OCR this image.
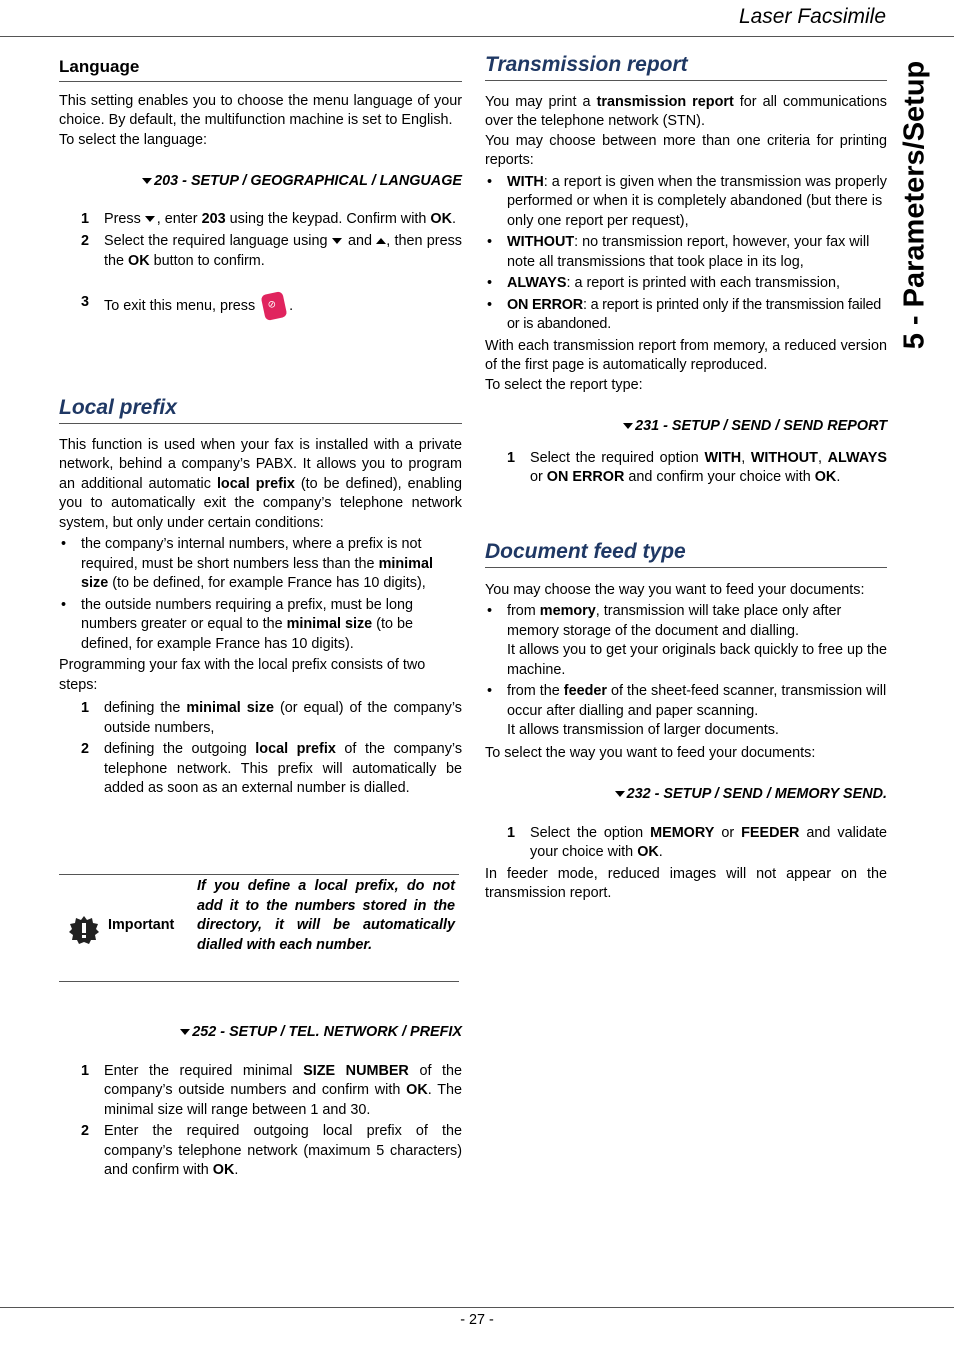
Laser Facsimile
5 - Parameters/Setup
Language

This setting enables you to choose the menu language of your choice. By default, the multifunction machine is set to English.

To select the language:

203 - SETUP / GEOGRAPHICAL / LANGUAGE

1 Press , enter 203 using the keypad. Confirm with OK.
2 Select the required language using and , then press the OK button to confirm.
3 To exit this menu, press ⊘ .
Local prefix

This function is used when your fax is installed with a private network, behind a company’s PABX. It allows you to program an additional automatic local prefix (to be defined), enabling you to automatically exit the company’s telephone network system, but only under certain conditions:

• the company’s internal numbers, where a prefix is not required, must be short numbers less than the minimal size (to be defined, for example France has 10 digits),
• the outside numbers requiring a prefix, must be long numbers greater or equal to the minimal size (to be defined, for example France has 10 digits).

Programming your fax with the local prefix consists of two steps:

1 defining the minimal size (or equal) of the company’s outside numbers,
2 defining the outgoing local prefix of the company’s telephone network. This prefix will automatically be added as soon as an external number is dialled.
Important
If you define a local prefix, do not add it to the numbers stored in the directory, it will be automatically dialled with each number.

252 - SETUP / TEL. NETWORK / PREFIX

1 Enter the required minimal SIZE NUMBER of the company’s outside numbers and confirm with OK. The minimal size will range between 1 and 30.
2 Enter the required outgoing local prefix of the company’s telephone network (maximum 5 characters) and confirm with OK.
Transmission report

You may print a transmission report for all communications over the telephone network (STN).

You may choose between more than one criteria for printing reports:

• WITH: a report is given when the transmission was properly performed or when it is completely abandoned (but there is only one report per request),
• WITHOUT: no transmission report, however, your fax will note all transmissions that took place in its log,
• ALWAYS: a report is printed with each transmission,
• ON ERROR: a report is printed only if the transmission failed or is abandoned.

With each transmission report from memory, a reduced version of the first page is automatically reproduced.

To select the report type:

231 - SETUP / SEND / SEND REPORT

1 Select the required option WITH, WITHOUT, ALWAYS or ON ERROR and confirm your choice with OK.
Document feed type

You may choose the way you want to feed your documents:

• from memory, transmission will take place only after memory storage of the document and dialling.
It allows you to get your originals back quickly to free up the machine.
• from the feeder of the sheet-feed scanner, transmission will occur after dialling and paper scanning.
It allows transmission of larger documents.

To select the way you want to feed your documents:

232 - SETUP / SEND / MEMORY SEND.

1 Select the option MEMORY or FEEDER and validate your choice with OK.

In feeder mode, reduced images will not appear on the transmission report.

- 27 -
